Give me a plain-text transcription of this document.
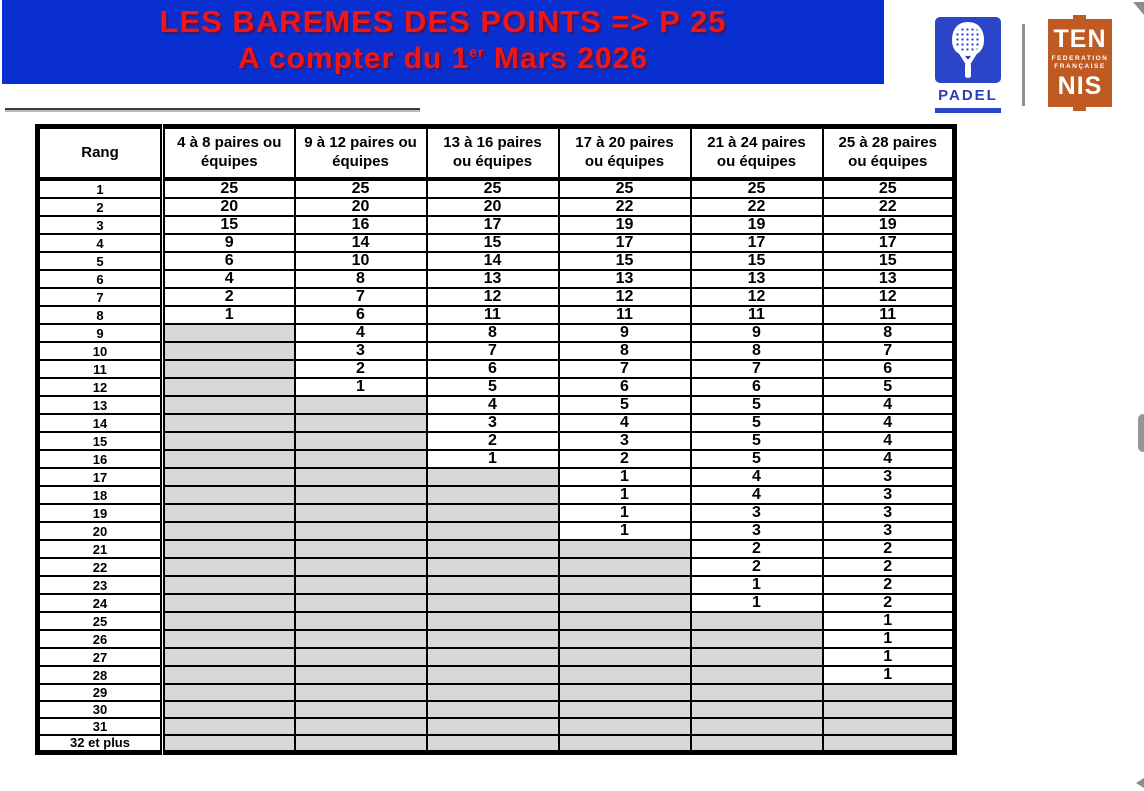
LES BAREMES DES POINTS => P 25
A compter du 1er Mars 2026
PADEL
TEN
FEDERATION
FRANÇAISE
NIS
Rang	4 à 8 paires ou équipes	9 à 12 paires ou équipes	13 à 16 paires ou équipes	17 à 20 paires ou équipes	21 à 24 paires ou équipes	25 à 28 paires ou équipes
1	25	25	25	25	25	25
2	20	20	20	22	22	22
3	15	16	17	19	19	19
4	9	14	15	17	17	17
5	6	10	14	15	15	15
6	4	8	13	13	13	13
7	2	7	12	12	12	12
8	1	6	11	11	11	11
9		4	8	9	9	8
10		3	7	8	8	7
11		2	6	7	7	6
12		1	5	6	6	5
13			4	5	5	4
14			3	4	5	4
15			2	3	5	4
16			1	2	5	4
17				1	4	3
18				1	4	3
19				1	3	3
20				1	3	3
21					2	2
22					2	2
23					1	2
24					1	2
25						1
26						1
27						1
28						1
29						
30						
31						
32 et plus						
